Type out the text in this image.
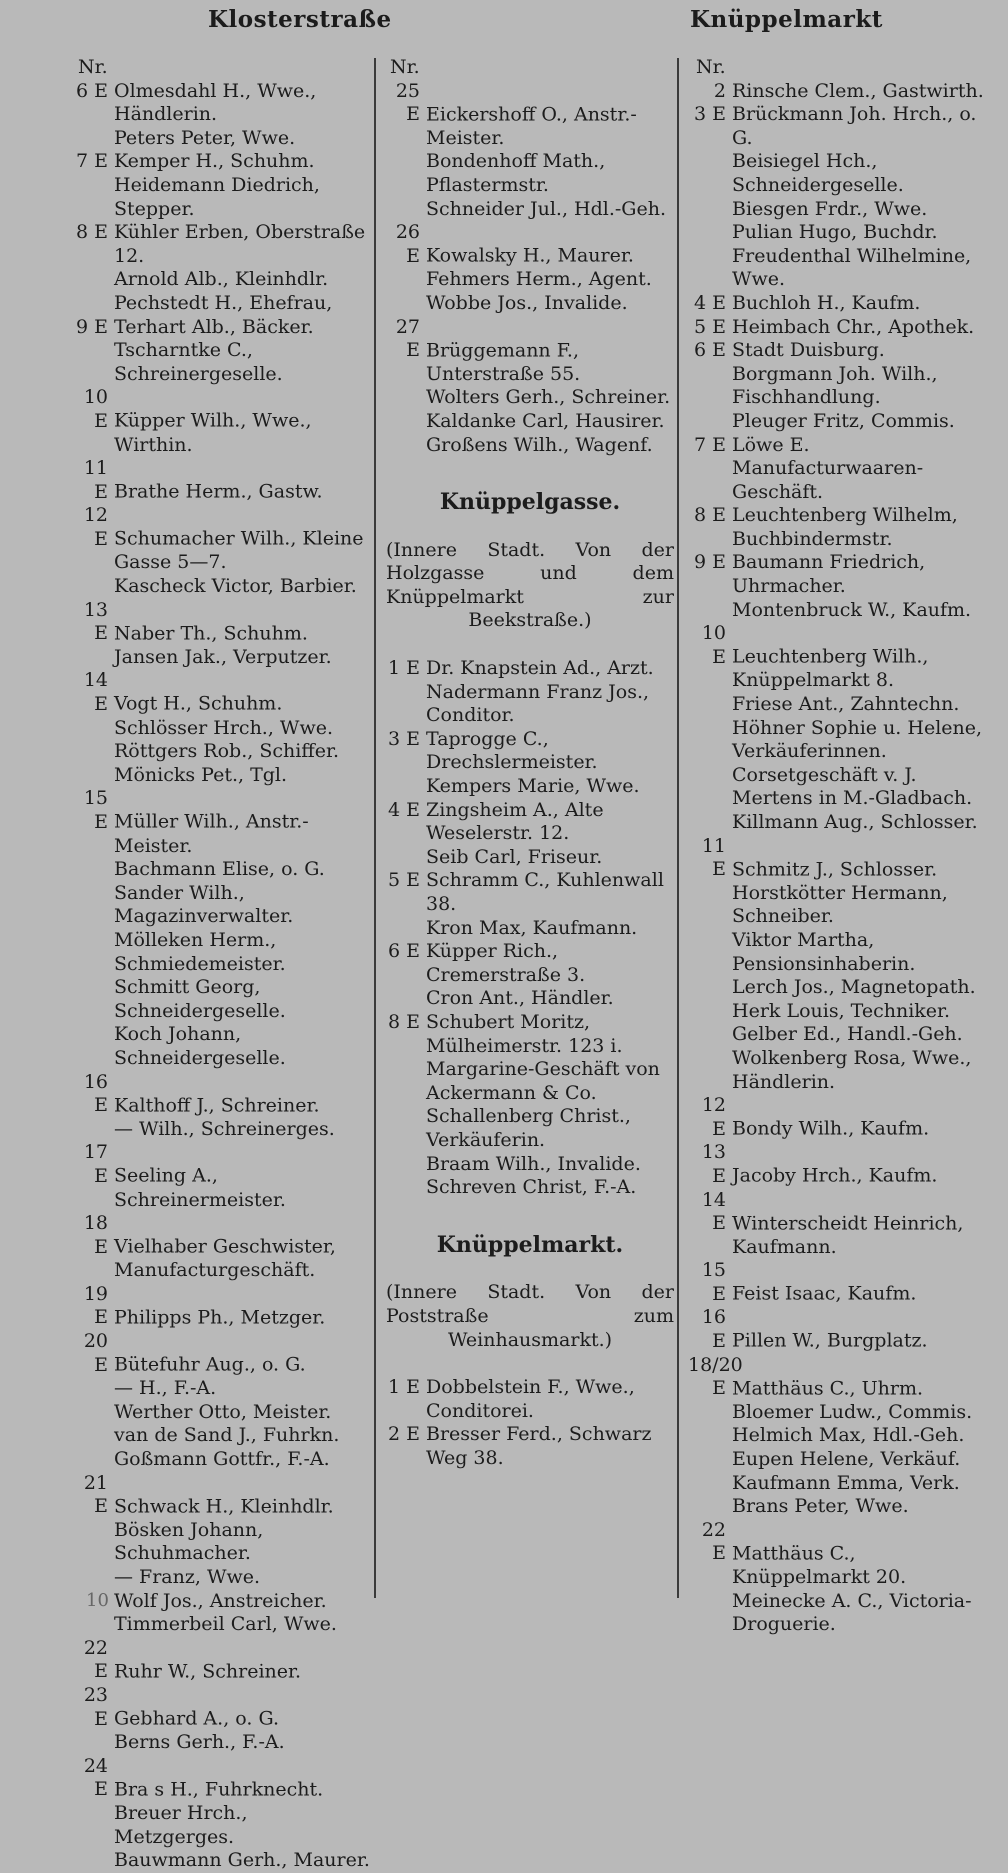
Klosterstraße	Knüppelmarkt
Nr.
6 E Olmesdahl H., Wwe., Händlerin.
Peters Peter, Wwe.
7 E Kemper H., Schuhm.
Heidemann Diedrich, Stepper.
8 E Kühler Erben, Oberstraße 12.
Arnold Alb., Kleinhdlr.
Pechstedt H., Ehefrau,
9 E Terhart Alb., Bäcker.
Tscharntke C., Schreinergeselle.
10 E Küpper Wilh., Wwe., Wirthin.
11 E Brathe Herm., Gastw.
12 E Schumacher Wilh., Kleine Gasse 5—7.
Kascheck Victor, Barbier.
13 E Naber Th., Schuhm.
Jansen Jak., Verputzer.
14 E Vogt H., Schuhm.
Schlösser Hrch., Wwe.
Röttgers Rob., Schiffer.
Mönicks Pet., Tgl.
15 E Müller Wilh., Anstr.-Meister.
Bachmann Elise, o. G.
Sander Wilh., Magazinverwalter.
Mölleken Herm., Schmiedemeister.
Schmitt Georg, Schneidergeselle.
Koch Johann, Schneidergeselle.
16 E Kalthoff J., Schreiner.
— Wilh., Schreinerges.
17 E Seeling A., Schreinermeister.
18 E Vielhaber Geschwister, Manufacturgeschäft.
19 E Philipps Ph., Metzger.
20 E Bütefuhr Aug., o. G.
— H., F.-A.
Werther Otto, Meister.
van de Sand J., Fuhrkn.
Goßmann Gottfr., F.-A.
21 E Schwack H., Kleinhdlr.
Bösken Johann, Schuhmacher.
— Franz, Wwe.
Wolf Jos., Anstreicher.
Timmerbeil Carl, Wwe.
22 E Ruhr W., Schreiner.
23 E Gebhard A., o. G.
Berns Gerh., F.-A.
24 E Bra s H., Fuhrknecht.
Breuer Hrch., Metzgerges.
Bauwmann Gerh., Maurer.
Nr.
25 E Eickershoff O., Anstr.-Meister.
Bondenhoff Math., Pflastermstr.
Schneider Jul., Hdl.-Geh.
26 E Kowalsky H., Maurer.
Fehmers Herm., Agent.
Wobbe Jos., Invalide.
27 E Brüggemann F., Unterstraße 55.
Wolters Gerh., Schreiner.
Kaldanke Carl, Hausirer.
Großens Wilh., Wagenf.
Knüppelgasse.
(Innere Stadt. Von der Holzgasse und dem Knüppelmarkt zur Beekstraße.)
1 E Dr. Knapstein Ad., Arzt.
Nadermann Franz Jos., Conditor.
3 E Taprogge C., Drechslermeister.
Kempers Marie, Wwe.
4 E Zingsheim A., Alte Weselerstr. 12.
Seib Carl, Friseur.
5 E Schramm C., Kuhlenwall 38.
Kron Max, Kaufmann.
6 E Küpper Rich., Cremerstraße 3.
Cron Ant., Händler.
8 E Schubert Moritz, Mülheimerstr. 123 i.
Margarine-Geschäft von Ackermann & Co.
Schallenberg Christ., Verkäuferin.
Braam Wilh., Invalide.
Schreven Christ, F.-A.
Knüppelmarkt.
(Innere Stadt. Von der Poststraße zum Weinhausmarkt.)
1 E Dobbelstein F., Wwe., Conditorei.
2 E Bresser Ferd., Schwarz Weg 38.
Nr.
2 Rinsche Clem., Gastwirth.
3 E Brückmann Joh. Hrch., o. G.
Beisiegel Hch., Schneidergeselle.
Biesgen Frdr., Wwe.
Pulian Hugo, Buchdr.
Freudenthal Wilhelmine, Wwe.
4 E Buchloh H., Kaufm.
5 E Heimbach Chr., Apothek.
6 E Stadt Duisburg.
Borgmann Joh. Wilh., Fischhandlung.
Pleuger Fritz, Commis.
7 E Löwe E. Manufacturwaaren-Geschäft.
8 E Leuchtenberg Wilhelm, Buchbindermstr.
9 E Baumann Friedrich, Uhrmacher.
Montenbruck W., Kaufm.
10 E Leuchtenberg Wilh., Knüppelmarkt 8.
Friese Ant., Zahntechn.
Höhner Sophie u. Helene, Verkäuferinnen.
Corsetgeschäft v. J. Mertens in M.-Gladbach.
Killmann Aug., Schlosser.
11 E Schmitz J., Schlosser.
Horstkötter Hermann, Schneiber.
Viktor Martha, Pensionsinhaberin.
Lerch Jos., Magnetopath.
Herk Louis, Techniker.
Gelber Ed., Handl.-Geh.
Wolkenberg Rosa, Wwe., Händlerin.
12 E Bondy Wilh., Kaufm.
13 E Jacoby Hrch., Kaufm.
14 E Winterscheidt Heinrich, Kaufmann.
15 E Feist Isaac, Kaufm.
16 E Pillen W., Burgplatz.
18/20 E Matthäus C., Uhrm.
Bloemer Ludw., Commis.
Helmich Max, Hdl.-Geh.
Eupen Helene, Verkäuf.
Kaufmann Emma, Verk.
Brans Peter, Wwe.
22 E Matthäus C., Knüppelmarkt 20.
Meinecke A. C., Victoria-Droguerie.
10
